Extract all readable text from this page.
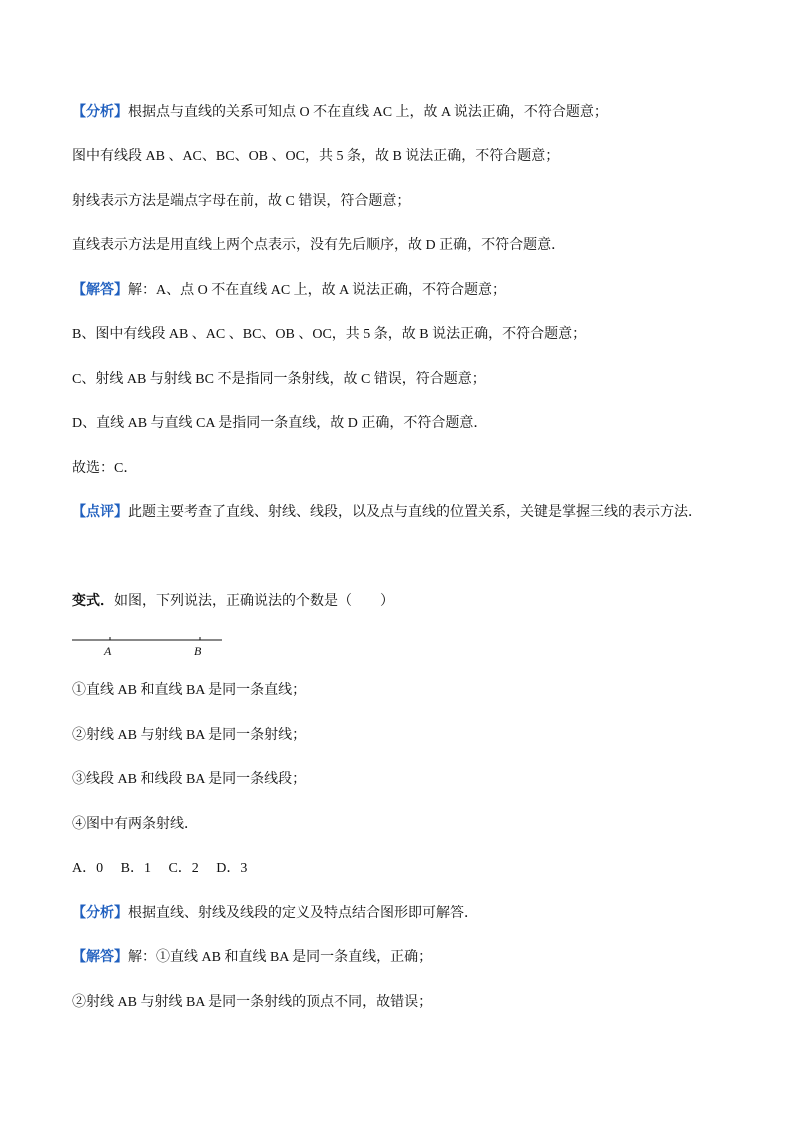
【分析】根据点与直线的关系可知点 O 不在直线 AC 上，故 A 说法正确，不符合题意；
图中有线段 AB 、AC、BC、OB 、OC，共 5 条，故 B 说法正确，不符合题意；
射线表示方法是端点字母在前，故 C 错误，符合题意；
直线表示方法是用直线上两个点表示，没有先后顺序，故 D 正确，不符合题意．
【解答】解：A、点 O 不在直线 AC 上，故 A 说法正确，不符合题意；
B、图中有线段 AB 、AC 、BC、OB 、OC，共 5 条，故 B 说法正确，不符合题意；
C、射线 AB 与射线 BC 不是指同一条射线，故 C 错误，符合题意；
D、直线 AB 与直线 CA 是指同一条直线，故 D 正确，不符合题意．
故选：C．
【点评】此题主要考查了直线、射线、线段，以及点与直线的位置关系，关键是掌握三线的表示方法．
变式．如图，下列说法，正确说法的个数是（　　）
A	B
①直线 AB 和直线 BA 是同一条直线；
②射线 AB 与射线 BA 是同一条射线；
③线段 AB 和线段 BA 是同一条线段；
④图中有两条射线．
A．0　 B．1　 C．2　 D．3
【分析】根据直线、射线及线段的定义及特点结合图形即可解答．
【解答】解：①直线 AB 和直线 BA 是同一条直线，正确；
②射线 AB 与射线 BA 是同一条射线的顶点不同，故错误；
